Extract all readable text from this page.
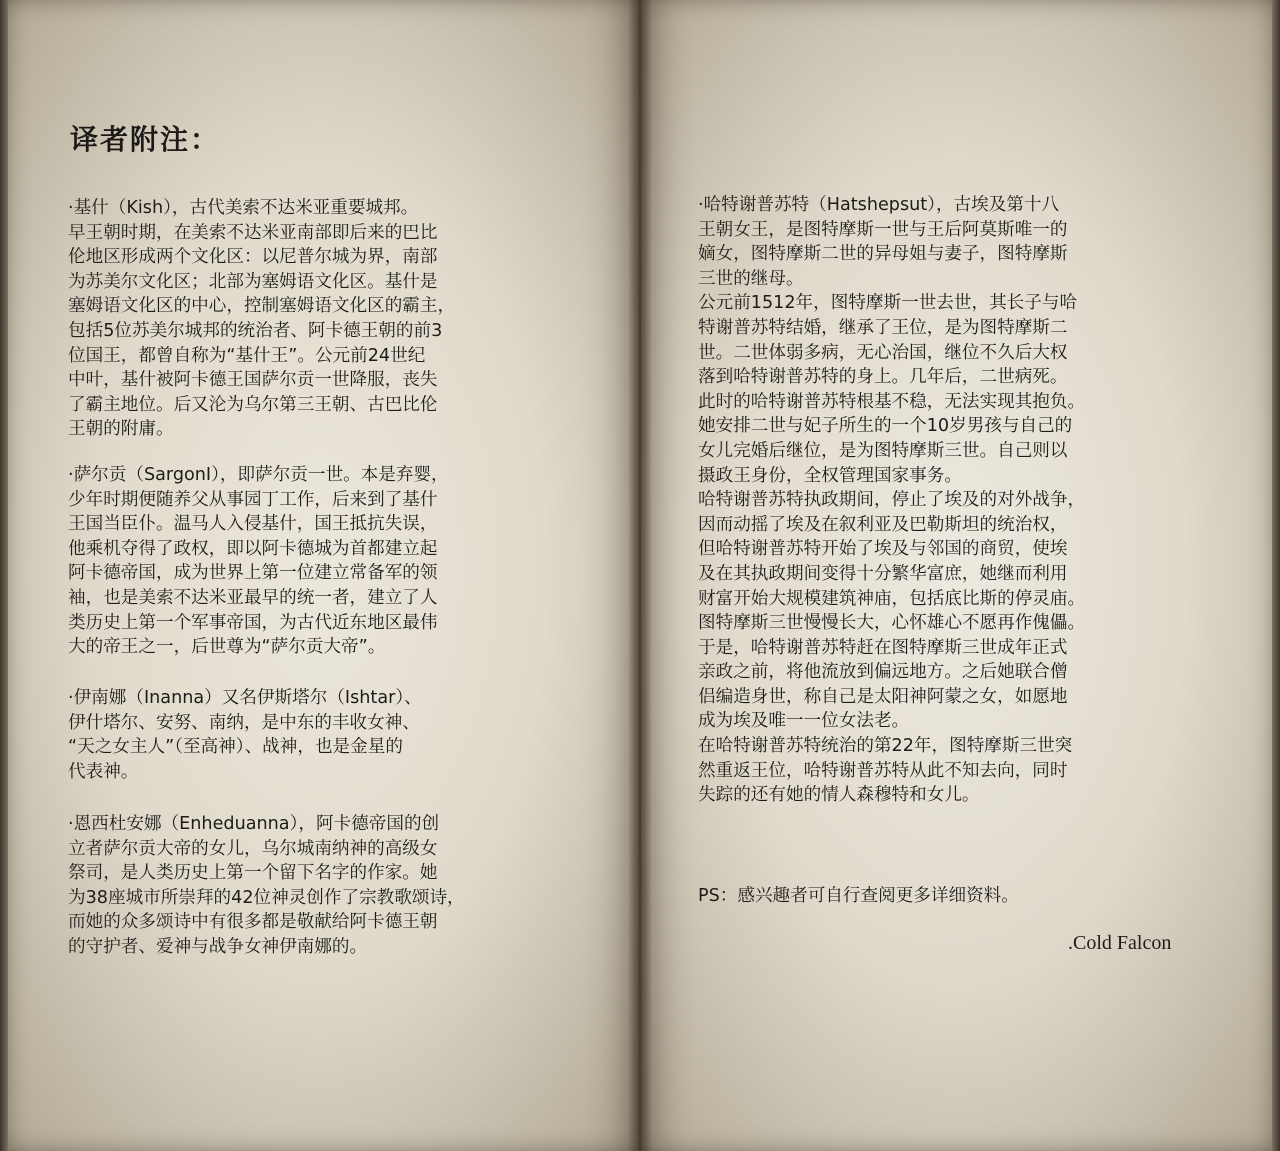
译者附注：
·基什（Kish），古代美索不达米亚重要城邦。
早王朝时期，在美索不达米亚南部即后来的巴比
伦地区形成两个文化区：以尼普尔城为界，南部
为苏美尔文化区；北部为塞姆语文化区。基什是
塞姆语文化区的中心，控制塞姆语文化区的霸主，
包括5位苏美尔城邦的统治者、阿卡德王朝的前3
位国王，都曾自称为“基什王”。公元前24世纪
中叶，基什被阿卡德王国萨尔贡一世降服，丧失
了霸主地位。后又沦为乌尔第三王朝、古巴比伦
王朝的附庸。
·萨尔贡（SargonI），即萨尔贡一世。本是弃婴，
少年时期便随养父从事园丁工作，后来到了基什
王国当臣仆。温马人入侵基什，国王抵抗失误，
他乘机夺得了政权，即以阿卡德城为首都建立起
阿卡德帝国，成为世界上第一位建立常备军的领
袖，也是美索不达米亚最早的统一者，建立了人
类历史上第一个军事帝国，为古代近东地区最伟
大的帝王之一，后世尊为“萨尔贡大帝”。
·伊南娜（Inanna）又名伊斯塔尔（Ishtar）、
伊什塔尔、安努、南纳，是中东的丰收女神、
“天之女主人”（至高神）、战神，也是金星的
代表神。
·恩西杜安娜（Enheduanna），阿卡德帝国的创
立者萨尔贡大帝的女儿，乌尔城南纳神的高级女
祭司，是人类历史上第一个留下名字的作家。她
为38座城市所崇拜的42位神灵创作了宗教歌颂诗，
而她的众多颂诗中有很多都是敬献给阿卡德王朝
的守护者、爱神与战争女神伊南娜的。
·哈特谢普苏特（Hatshepsut），古埃及第十八
王朝女王，是图特摩斯一世与王后阿莫斯唯一的
嫡女，图特摩斯二世的异母姐与妻子，图特摩斯
三世的继母。
公元前1512年，图特摩斯一世去世，其长子与哈
特谢普苏特结婚，继承了王位，是为图特摩斯二
世。二世体弱多病，无心治国，继位不久后大权
落到哈特谢普苏特的身上。几年后，二世病死。
此时的哈特谢普苏特根基不稳，无法实现其抱负。
她安排二世与妃子所生的一个10岁男孩与自己的
女儿完婚后继位，是为图特摩斯三世。自己则以
摄政王身份，全权管理国家事务。
哈特谢普苏特执政期间，停止了埃及的对外战争，
因而动摇了埃及在叙利亚及巴勒斯坦的统治权，
但哈特谢普苏特开始了埃及与邻国的商贸，使埃
及在其执政期间变得十分繁华富庶，她继而利用
财富开始大规模建筑神庙，包括底比斯的停灵庙。
图特摩斯三世慢慢长大，心怀雄心不愿再作傀儡。
于是，哈特谢普苏特赶在图特摩斯三世成年正式
亲政之前，将他流放到偏远地方。之后她联合僧
侣编造身世，称自己是太阳神阿蒙之女，如愿地
成为埃及唯一一位女法老。
在哈特谢普苏特统治的第22年，图特摩斯三世突
然重返王位，哈特谢普苏特从此不知去向，同时
失踪的还有她的情人森穆特和女儿。
PS：感兴趣者可自行查阅更多详细资料。
.Cold Falcon
